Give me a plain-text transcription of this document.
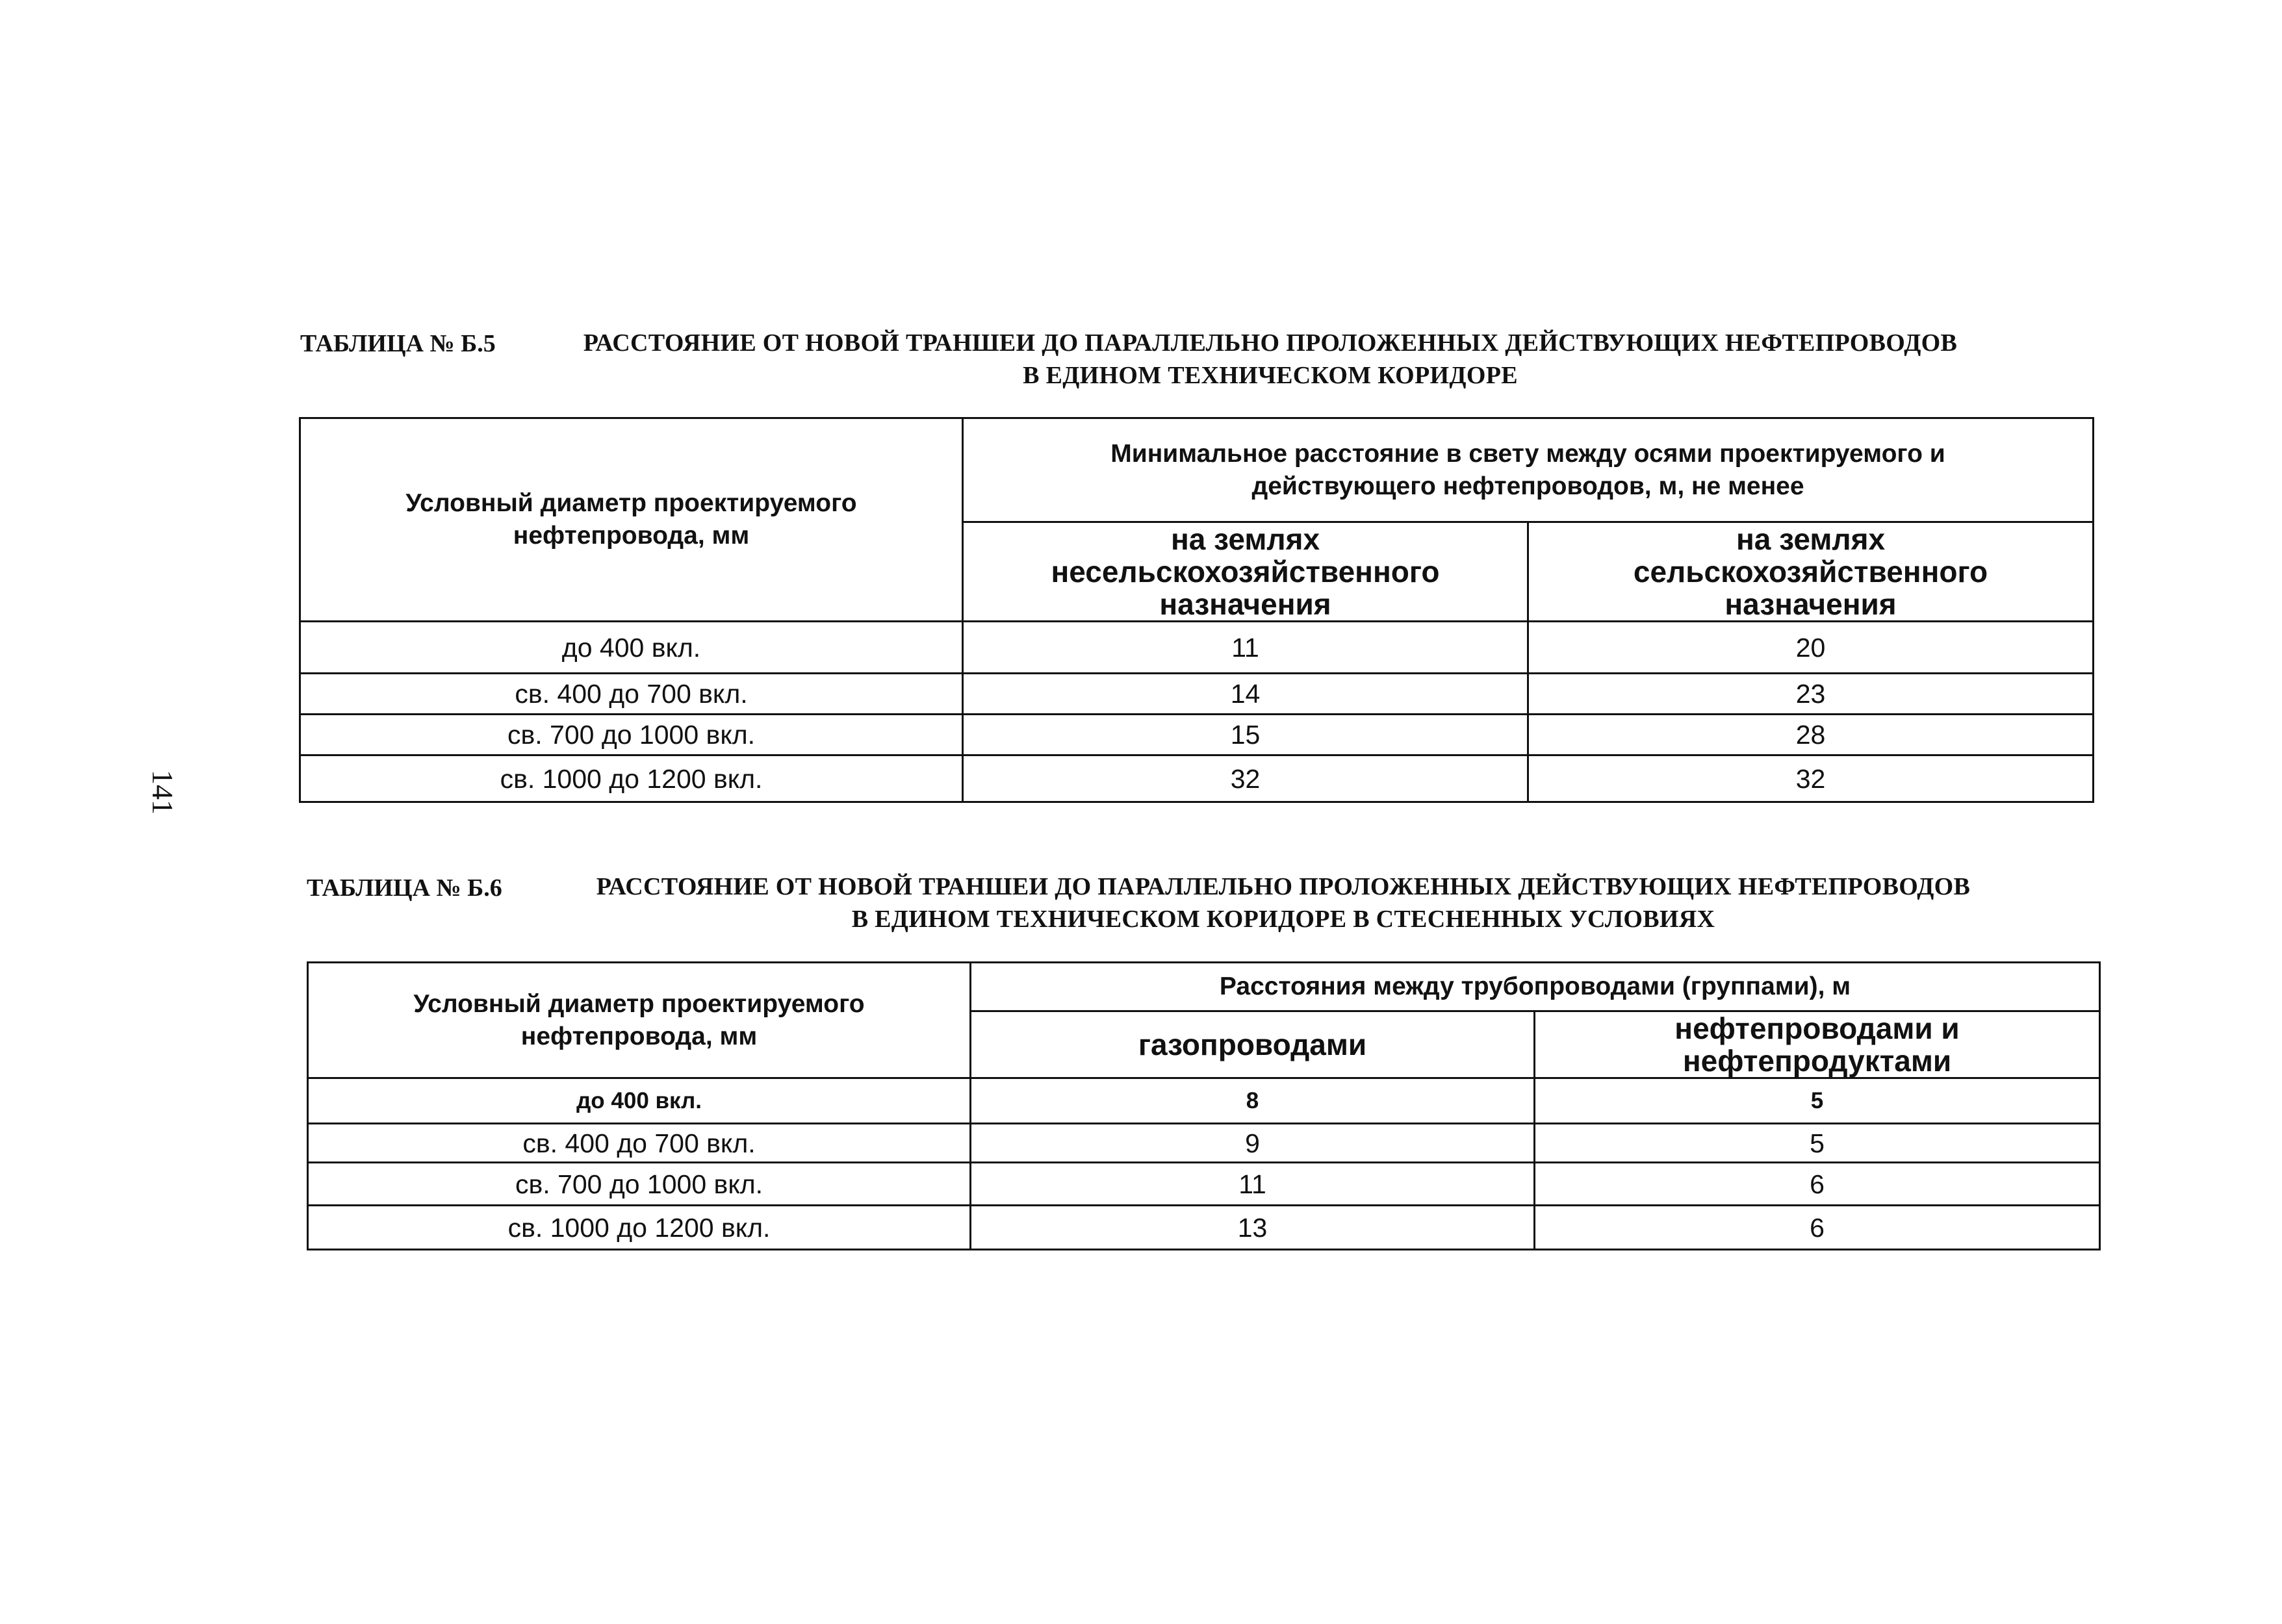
141
ТАБЛИЦА № Б.5	РАССТОЯНИЕ ОТ НОВОЙ ТРАНШЕИ ДО ПАРАЛЛЕЛЬНО ПРОЛОЖЕННЫХ ДЕЙСТВУЮЩИХ НЕФТЕПРОВОДОВ
В ЕДИНОМ ТЕХНИЧЕСКОМ КОРИДОРЕ
Условный диаметр проектируемого нефтепровода, мм	Минимальное расстояние в свету между осями проектируемого и действующего нефтепроводов, м, не менее	
	на землях несельскохозяйственного назначения	на землях сельскохозяйственного назначения
до 400 вкл.	11	20
св. 400 до 700 вкл.	14	23
св. 700 до 1000 вкл.	15	28
св. 1000 до 1200 вкл.	32	32
ТАБЛИЦА № Б.6	РАССТОЯНИЕ ОТ НОВОЙ ТРАНШЕИ ДО ПАРАЛЛЕЛЬНО ПРОЛОЖЕННЫХ ДЕЙСТВУЮЩИХ НЕФТЕПРОВОДОВ
В ЕДИНОМ ТЕХНИЧЕСКОМ КОРИДОРЕ В СТЕСНЕННЫХ УСЛОВИЯХ
Условный диаметр проектируемого нефтепровода, мм	Расстояния между трубопроводами (группами), м	
	газопроводами	нефтепроводами и нефтепродуктами
до 400 вкл.	8	5
св. 400 до 700 вкл.	9	5
св. 700 до 1000 вкл.	11	6
св. 1000 до 1200 вкл.	13	6
